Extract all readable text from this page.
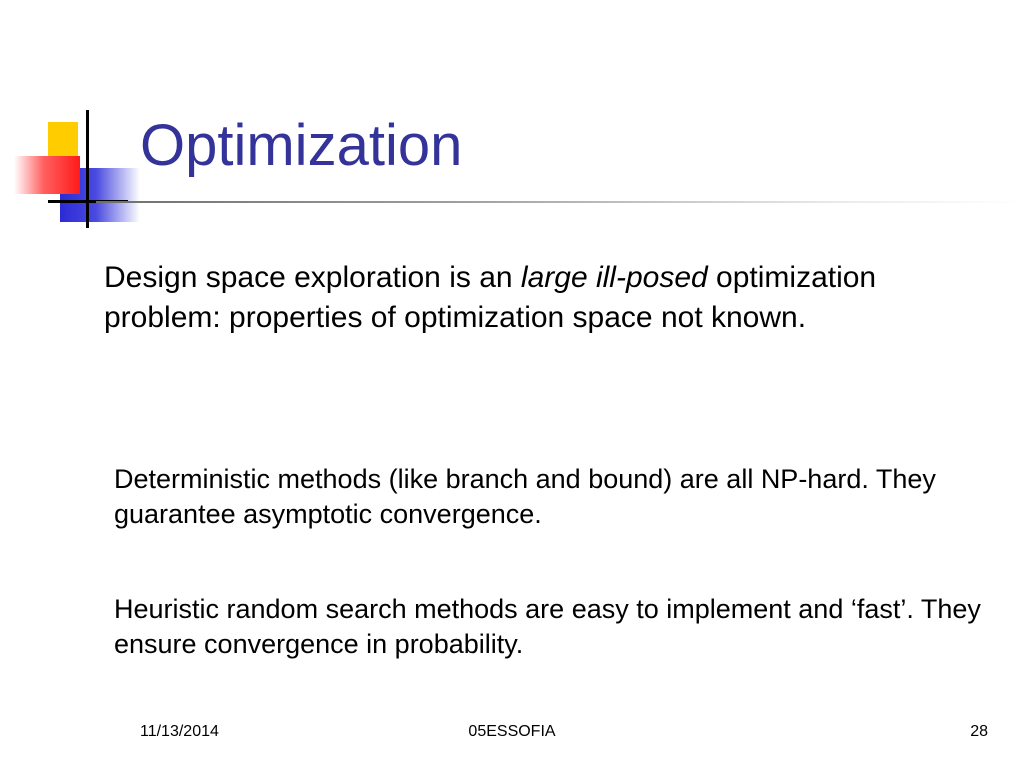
Optimization

Design space exploration is an large ill-posed optimization problem: properties of optimization space not known.

Deterministic methods (like branch and bound) are all NP-hard. They guarantee asymptotic convergence.

Heuristic random search methods are easy to implement and ‘fast’. They ensure convergence in probability.

11/13/2014	05ESSOFIA	28
